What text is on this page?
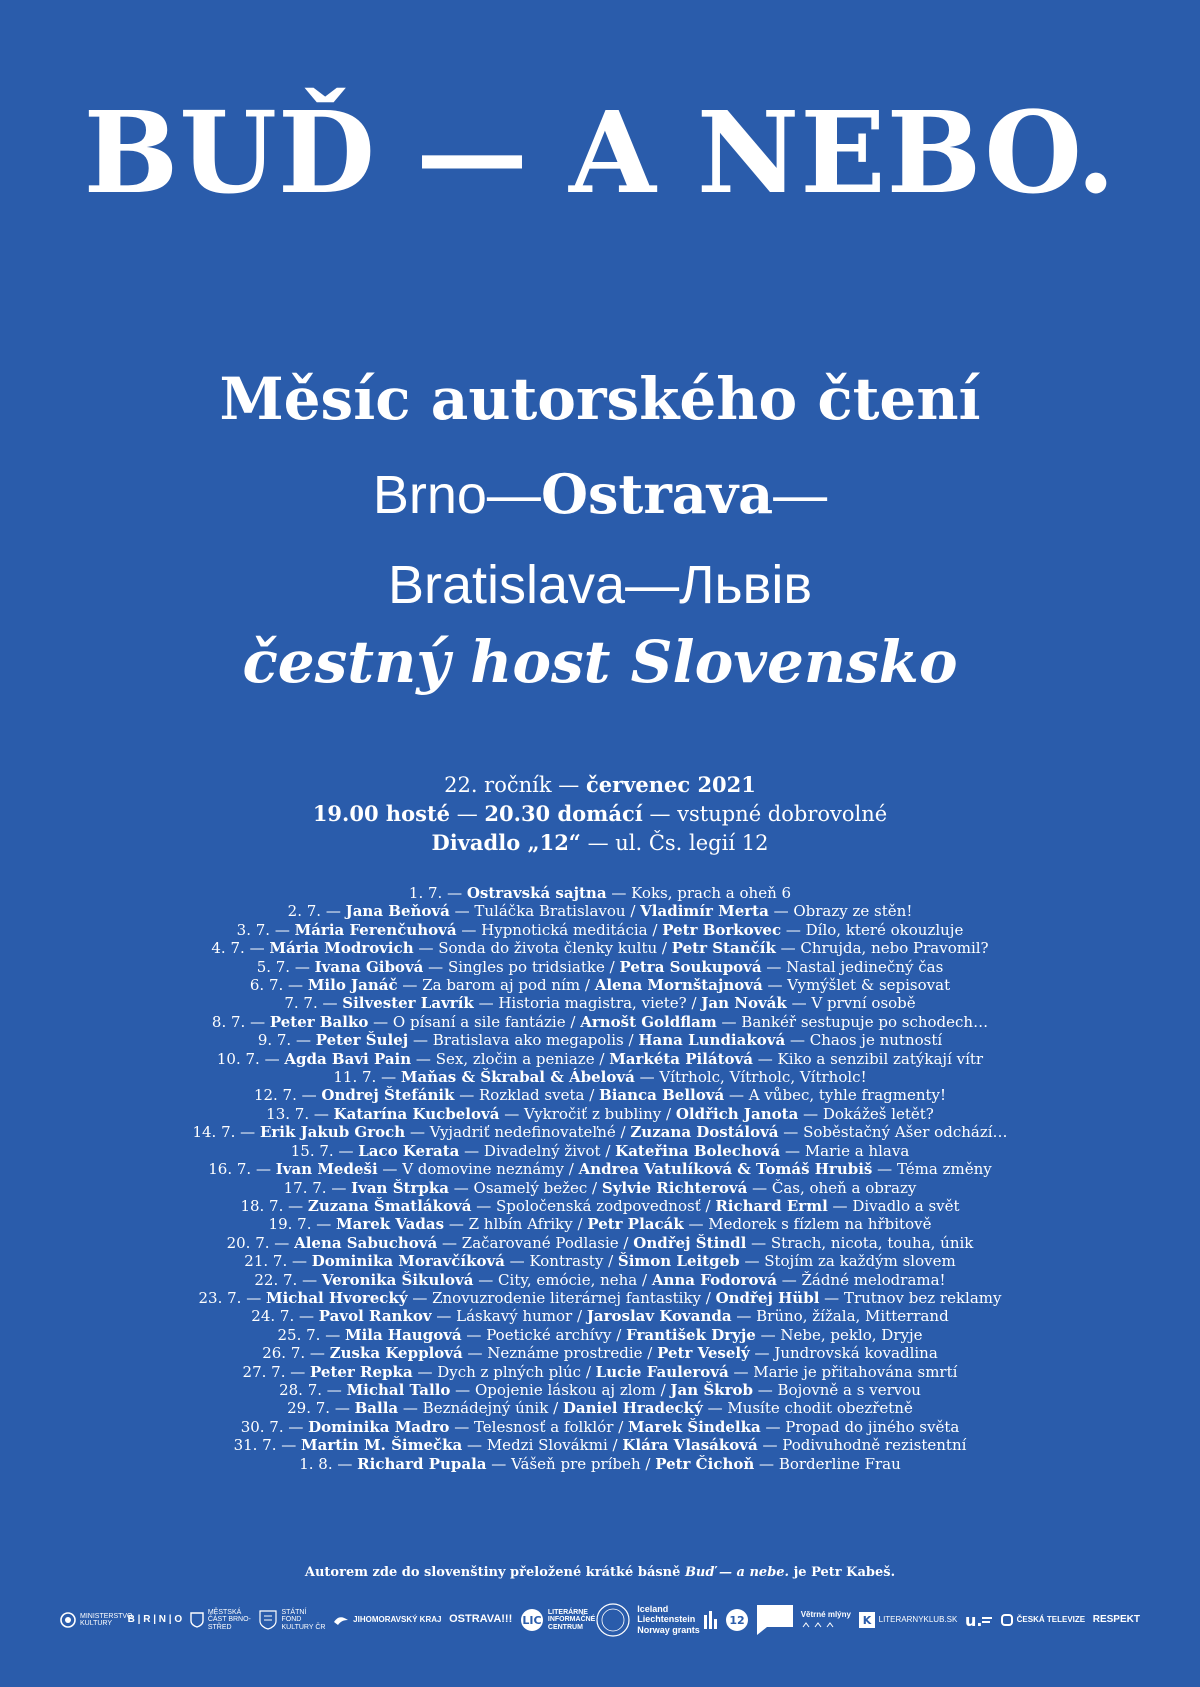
BUĎ — A NEBO.
Měsíc autorského čtení
Brno—Ostrava—
Bratislava—Львів
čestný host Slovensko
22. ročník — červenec 2021
19.00 hosté — 20.30 domácí — vstupné dobrovolné
Divadlo „12“ — ul. Čs. legií 12
1. 7. — Ostravská sajtna — Koks, prach a oheň 6
2. 7. — Jana Beňová — Tuláčka Bratislavou / Vladimír Merta — Obrazy ze stěn!
3. 7. — Mária Ferenčuhová — Hypnotická meditácia / Petr Borkovec — Dílo, které okouzluje
4. 7. — Mária Modrovich — Sonda do života členky kultu / Petr Stančík — Chrujda, nebo Pravomil?
5. 7. — Ivana Gibová — Singles po tridsiatke / Petra Soukupová — Nastal jedinečný čas
6. 7. — Milo Janáč — Za barom aj pod ním / Alena Mornštajnová — Vymýšlet & sepisovat
7. 7. — Silvester Lavrík — Historia magistra, viete? / Jan Novák — V první osobě
8. 7. — Peter Balko — O písaní a sile fantázie / Arnošt Goldflam — Bankéř sestupuje po schodech…
9. 7. — Peter Šulej — Bratislava ako megapolis / Hana Lundiaková — Chaos je nutností
10. 7. — Agda Bavi Pain — Sex, zločin a peniaze / Markéta Pilátová — Kiko a senzibil zatýkají vítr
11. 7. — Maňas & Škrabal & Ábelová — Vítrholc, Vítrholc, Vítrholc!
12. 7. — Ondrej Štefánik — Rozklad sveta / Bianca Bellová — A vůbec, tyhle fragmenty!
13. 7. — Katarína Kucbelová — Vykročiť z bubliny / Oldřich Janota — Dokážeš letět?
14. 7. — Erik Jakub Groch — Vyjadriť nedefinovateľné / Zuzana Dostálová — Soběstačný Ašer odchází…
15. 7. — Laco Kerata — Divadelný život / Kateřina Bolechová — Marie a hlava
16. 7. — Ivan Medeši — V domovine neznámy / Andrea Vatulíková & Tomáš Hrubiš — Téma změny
17. 7. — Ivan Štrpka — Osamelý bežec / Sylvie Richterová — Čas, oheň a obrazy
18. 7. — Zuzana Šmatláková — Spoločenská zodpovednosť / Richard Erml — Divadlo a svět
19. 7. — Marek Vadas — Z hlbín Afriky / Petr Placák — Medorek s fízlem na hřbitově
20. 7. — Alena Sabuchová — Začarované Podlasie / Ondřej Štindl — Strach, nicota, touha, únik
21. 7. — Dominika Moravčíková — Kontrasty / Šimon Leitgeb — Stojím za každým slovem
22. 7. — Veronika Šikulová — City, emócie, neha / Anna Fodorová — Žádné melodrama!
23. 7. — Michal Hvorecký — Znovuzrodenie literárnej fantastiky / Ondřej Hübl — Trutnov bez reklamy
24. 7. — Pavol Rankov — Láskavý humor / Jaroslav Kovanda — Brüno, žížala, Mitterrand
25. 7. — Mila Haugová — Poetické archívy / František Dryje — Nebe, peklo, Dryje
26. 7. — Zuska Kepplová — Neznáme prostredie / Petr Veselý — Jundrovská kovadlina
27. 7. — Peter Repka — Dych z plných plúc / Lucie Faulerová — Marie je přitahována smrtí
28. 7. — Michal Tallo — Opojenie láskou aj zlom / Jan Škrob — Bojovně a s vervou
29. 7. — Balla — Beznádejný únik / Daniel Hradecký — Musíte chodit obezřetně
30. 7. — Dominika Madro — Telesnosť a folklór / Marek Šindelka — Propad do jiného světa
31. 7. — Martin M. Šimečka — Medzi Slovákmi / Klára Vlasáková — Podivuhodně rezistentní
1. 8. — Richard Pupala — Vášeň pre príbeh / Petr Čichoň — Borderline Frau
Autorem zde do slovenštiny přeložené krátké básně Buď — a nebe. je Petr Kabeš.
MINISTERSTVO KULTURY	B | R | N | O
MĚSTSKÁ ČÁST BRNO-STŘED
STÁTNÍ FOND KULTURY ČR
JIHOMORAVSKÝ KRAJ OSTRAVA!!! LIC
LITERÁRNE INFORMAČNÉ CENTRUM
Iceland
Liechtenstein
Norway grants
12	Větrné mlýny K LITERARNYKLUB.SK u.	ČESKÁ TELEVIZE RESPEKT
